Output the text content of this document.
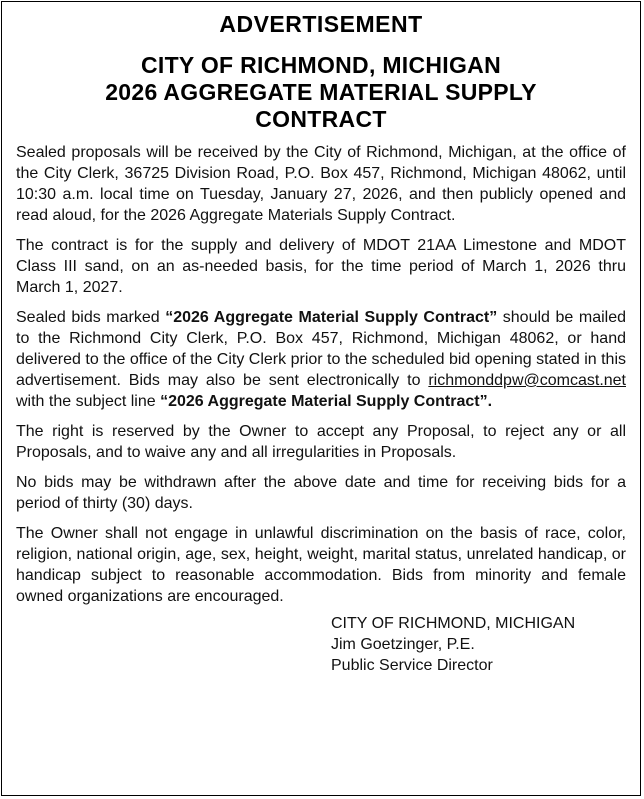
ADVERTISEMENT
CITY OF RICHMOND, MICHIGAN
2026 AGGREGATE MATERIAL SUPPLY
CONTRACT

Sealed proposals will be received by the City of Richmond, Michigan, at the office of the City Clerk, 36725 Division Road, P.O. Box 457, Richmond, Michigan 48062, until 10:30 a.m. local time on Tuesday, January 27, 2026, and then publicly opened and read aloud, for the 2026 Aggregate Materials Supply Contract.

The contract is for the supply and delivery of MDOT 21AA Limestone and MDOT Class III sand, on an as-needed basis, for the time period of March 1, 2026 thru March 1, 2027.

Sealed bids marked “2026 Aggregate Material Supply Contract” should be mailed to the Richmond City Clerk, P.O. Box 457, Richmond, Michigan 48062, or hand delivered to the office of the City Clerk prior to the scheduled bid opening stated in this advertisement. Bids may also be sent electronically to richmonddpw@comcast.net with the subject line “2026 Aggregate Material Supply Contract”.

The right is reserved by the Owner to accept any Proposal, to reject any or all Proposals, and to waive any and all irregularities in Proposals.

No bids may be withdrawn after the above date and time for receiving bids for a period of thirty (30) days.

The Owner shall not engage in unlawful discrimination on the basis of race, color, religion, national origin, age, sex, height, weight, marital status, unrelated handicap, or handicap subject to reasonable accommodation. Bids from minority and female owned organizations are encouraged.

CITY OF RICHMOND, MICHIGAN
Jim Goetzinger, P.E.
Public Service Director
